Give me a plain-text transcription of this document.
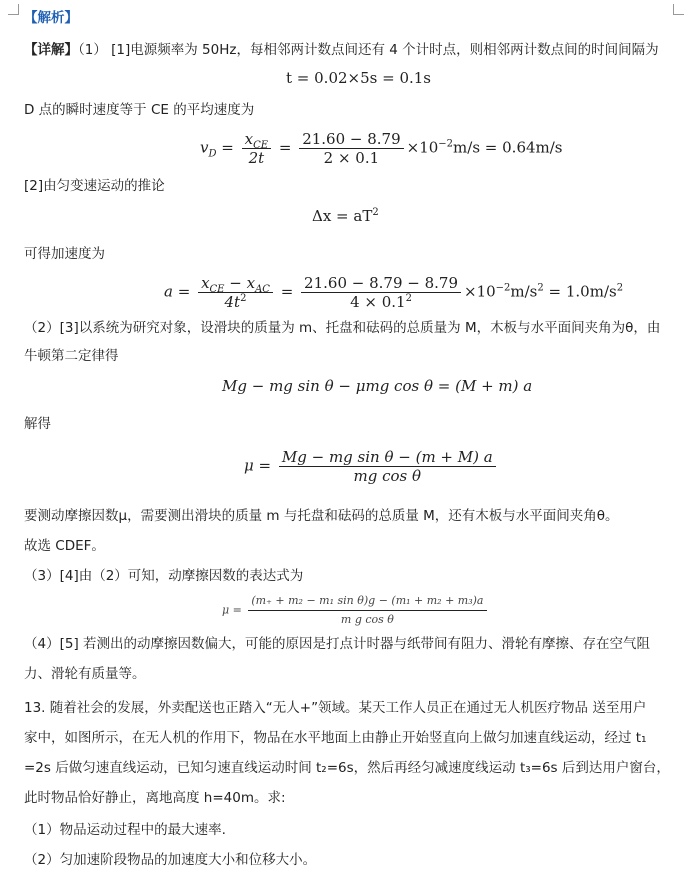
【解析】
【详解】（1） [1]电源频率为 50Hz，每相邻两计数点间还有 4 个计时点，则相邻两计数点间的时间间隔为
t = 0.02×5s = 0.1s
D 点的瞬时速度等于 CE 的平均速度为
$v_D = \frac{x_{CE}}{2t} = \frac{21.60 - 8.79}{2 \times 0.1} \times 10^{-2}m/s = 0.64m/s$
[2]由匀变速运动的推论
$\Delta x = aT^2$
可得加速度为
$a = \frac{x_{CE} - x_{AC}}{4t^2} = \frac{21.60 - 8.79 - 8.79}{4 \times 0.1^2} \times 10^{-2}m/s^2 = 1.0m/s^2$
（2）[3]以系统为研究对象，设滑块的质量为 m、托盘和砝码的总质量为 M，木板与水平面间夹角为θ，由
牛顿第二定律得
Mg − mg sin θ − μmg cos θ = (M + m) a
解得
$\mu = \frac{\text{Mg − mg sin θ − (m + M) a}}{\text{mg cos θ}}$
要测动摩擦因数μ，需要测出滑块的质量 m 与托盘和砝码的总质量 M，还有木板与水平面间夹角θ。
故选 CDEF。
（3）[4]由（2）可知，动摩擦因数的表达式为
$\mu = \frac{\text{(m₊ + m₂ − m₁ sin θ)g − (m₁ + m₂ + m₃)a}}{\text{m g cos θ}}$
（4）[5] 若测出的动摩擦因数偏大，可能的原因是打点计时器与纸带间有阻力、滑轮有摩擦、存在空气阻
力、滑轮有质量等。
13. 随着社会的发展，外卖配送也正踏入“无人+”领域。某天工作人员正在通过无人机医疗物品 送至用户
家中，如图所示，在无人机的作用下，物品在水平地面上由静止开始竖直向上做匀加速直线运动，经过 t₁
=2s 后做匀速直线运动，已知匀速直线运动时间 t₂=6s，然后再经匀减速度线运动 t₃=6s 后到达用户窗台，
此时物品恰好静止，离地高度 h=40m。求:
（1）物品运动过程中的最大速率.
（2）匀加速阶段物品的加速度大小和位移大小。
